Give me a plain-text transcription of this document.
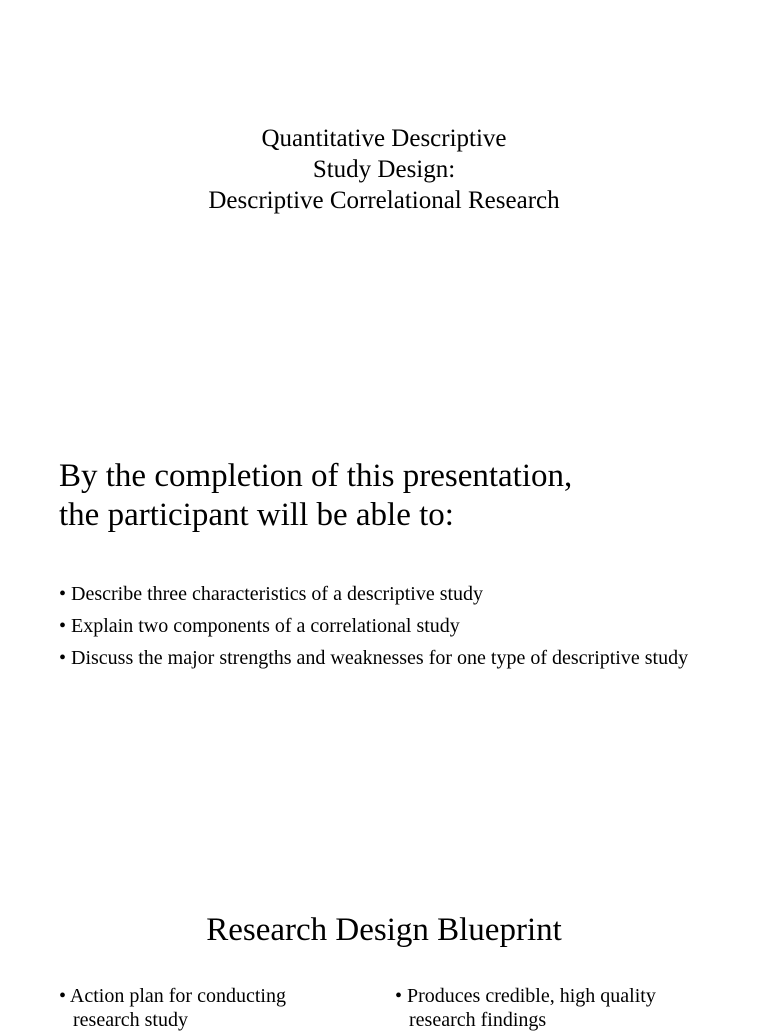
Quantitative Descriptive
Study Design:
Descriptive Correlational Research
By the completion of this presentation,
the participant will be able to:
• Describe three characteristics of a descriptive study
• Explain two components of a correlational study
• Discuss the major strengths and weaknesses for one type of descriptive study
Research Design Blueprint
• Action plan for conducting research study
• Produces credible, high quality research findings
